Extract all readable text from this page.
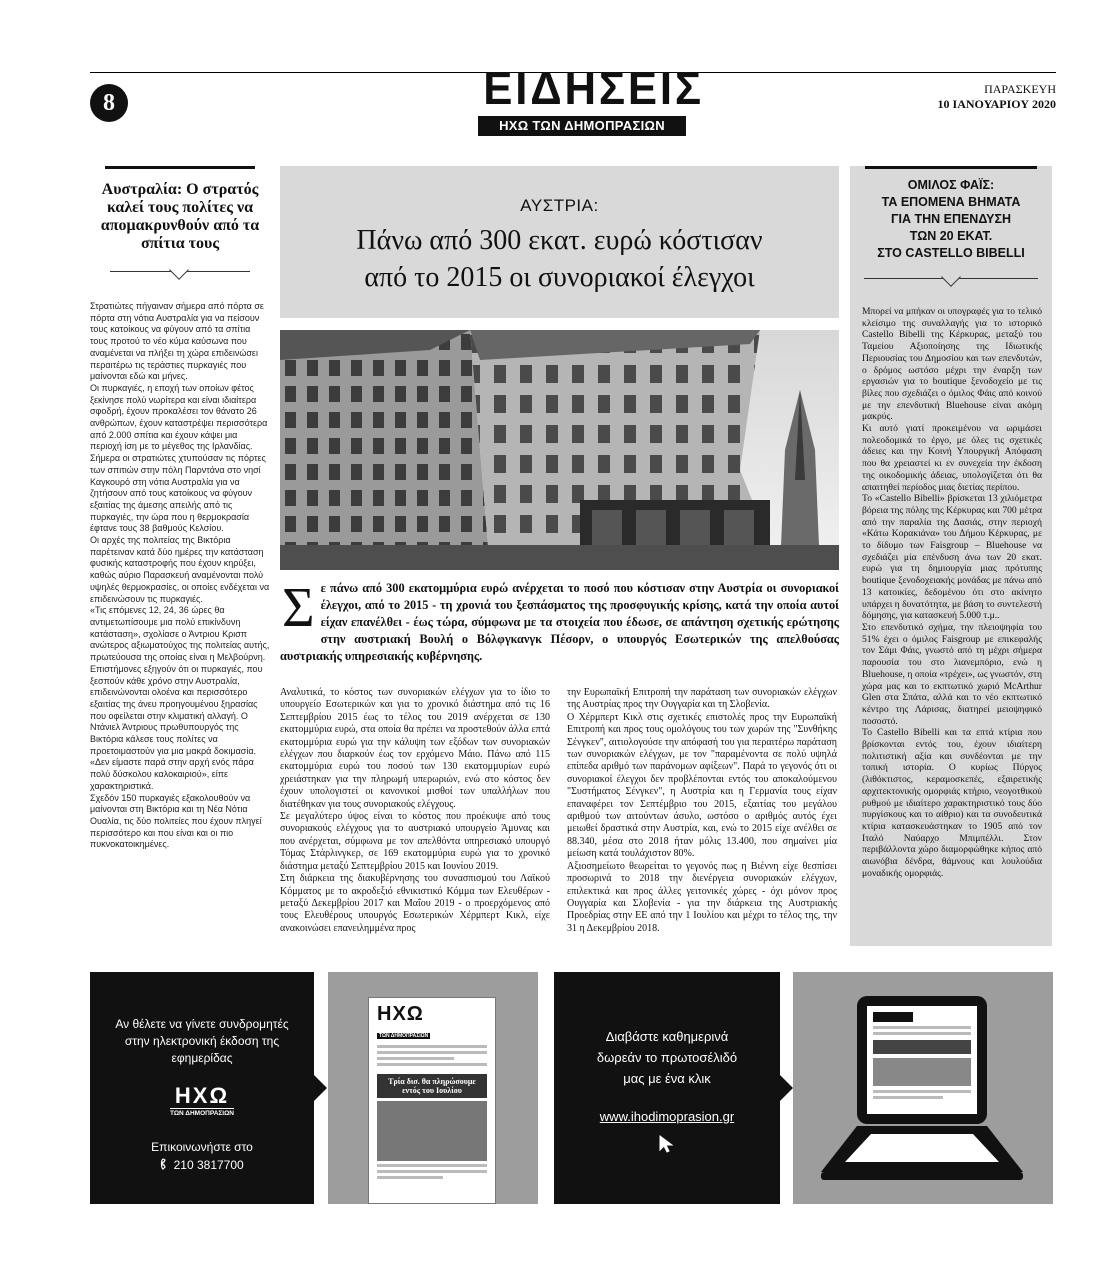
8	ΕΙΔΗΣΕΙΣ
ΗΧΩ ΤΩΝ ΔΗΜΟΠΡΑΣΙΩΝ
ΠΑΡΑΣΚΕΥΗ
10 ΙΑΝΟΥΑΡΙΟΥ 2020
Αυστραλία: Ο στρατός καλεί τους πολίτες να απομακρυνθούν από τα σπίτια τους

Στρατιώτες πήγαιναν σήμερα από πόρτα σε πόρτα στη νότια Αυστραλία για να πείσουν τους κατοίκους να φύγουν από τα σπίτια τους προτού το νέο κύμα καύσωνα που αναμένεται να πλήξει τη χώρα επιδεινώσει περαιτέρω τις τεράστιες πυρκαγιές που μαίνονται εδώ και μήνες.

Οι πυρκαγιές, η εποχή των οποίων φέτος ξεκίνησε πολύ νωρίτερα και είναι ιδιαίτερα σφοδρή, έχουν προκαλέσει τον θάνατο 26 ανθρώπων, έχουν καταστρέψει περισσότερα από 2.000 σπίτια και έχουν κάψει μια περιοχή ίση με το μέγεθος της Ιρλανδίας.

Σήμερα οι στρατιώτες χτυπούσαν τις πόρτες των σπιτιών στην πόλη Παρντάνα στο νησί Καγκουρό στη νότια Αυστραλία για να ζητήσουν από τους κατοίκους να φύγουν εξαιτίας της άμεσης απειλής από τις πυρκαγιές, την ώρα που η θερμοκρασία έφτανε τους 38 βαθμούς Κελσίου.

Οι αρχές της πολιτείας της Βικτόρια παρέτειναν κατά δύο ημέρες την κατάσταση φυσικής καταστροφής που έχουν κηρύξει, καθώς αύριο Παρασκευή αναμένονται πολύ υψηλές θερμοκρασίες, οι οποίες ενδέχεται να επιδεινώσουν τις πυρκαγιές.

«Τις επόμενες 12, 24, 36 ώρες θα αντιμετωπίσουμε μια πολύ επικίνδυνη κατάσταση», σχολίασε ο Άντριου Κρισπ ανώτερος αξιωματούχος της πολιτείας αυτής, πρωτεύουσα της οποίας είναι η Μελβούρνη.

Επιστήμονες εξηγούν ότι οι πυρκαγιές, που ξεσπούν κάθε χρόνο στην Αυστραλία, επιδεινώνονται ολοένα και περισσότερο εξαιτίας της άνευ προηγουμένου ξηρασίας που οφείλεται στην κλιματική αλλαγή. Ο Ντάνιελ Άντριους πρωθυπουργός της Βικτόρια κάλεσε τους πολίτες να προετοιμαστούν για μια μακρά δοκιμασία. «Δεν είμαστε παρά στην αρχή ενός πάρα πολύ δύσκολου καλοκαιριού», είπε χαρακτηριστικά.

Σχεδόν 150 πυρκαγιές εξακολουθούν να μαίνονται στη Βικτόρια και τη Νέα Νότια Ουαλία, τις δύο πολιτείες που έχουν πληγεί περισσότερο και που είναι και οι πιο πυκνοκατοικημένες.

ΑΥΣΤΡΙΑ:
Πάνω από 300 εκατ. ευρώ κόστισαν
από το 2015 οι συνοριακοί έλεγχοι
Σ ε πάνω από 300 εκατομμύρια ευρώ ανέρχεται το ποσό που κόστισαν στην Αυστρία οι συνοριακοί έλεγχοι, από το 2015 - τη χρονιά του ξεσπάσματος της προσφυγικής κρίσης, κατά την οποία αυτοί είχαν επανέλθει - έως τώρα, σύμφωνα με τα στοιχεία που έδωσε, σε απάντηση σχετικής ερώτησης στην αυστριακή Βουλή ο Βόλφγκανγκ Πέσορν, ο υπουργός Εσωτερικών της απελθούσας αυστριακής υπηρεσιακής κυβέρνησης.

Αναλυτικά, το κόστος των συνοριακών ελέγχων για το ίδιο το υπουργείο Εσωτερικών και για το χρονικό διάστημα από τις 16 Σεπτεμβρίου 2015 έως το τέλος του 2019 ανέρχεται σε 130 εκατομμύρια ευρώ, στα οποία θα πρέπει να προστεθούν άλλα επτά εκατομμύρια ευρώ για την κάλυψη των εξόδων των συνοριακών ελέγχων που διαρκούν έως τον ερχόμενο Μάιο. Πάνω από 115 εκατομμύρια ευρώ του ποσού των 130 εκατομμυρίων ευρώ χρειάστηκαν για την πληρωμή υπερωριών, ενώ στο κόστος δεν έχουν υπολογιστεί οι κανονικοί μισθοί των υπαλλήλων που διατέθηκαν για τους συνοριακούς ελέγχους.

Σε μεγαλύτερο ύψος είναι το κόστος που προέκυψε από τους συνοριακούς ελέγχους για το αυστριακό υπουργείο Άμυνας και που ανέρχεται, σύμφωνα με τον απελθόντα υπηρεσιακό υπουργό Τόμας Στάρλινγκερ, σε 169 εκατομμύρια ευρώ για το χρονικό διάστημα μεταξύ Σεπτεμβρίου 2015 και Ιουνίου 2019.

Στη διάρκεια της διακυβέρνησης του συνασπισμού του Λαϊκού Κόμματος με το ακροδεξιό εθνικιστικό Κόμμα των Ελευθέρων - μεταξύ Δεκεμβρίου 2017 και Μαΐου 2019 - ο προερχόμενος από τους Ελευθέρους υπουργός Εσωτερικών Χέρμπερτ Κικλ, είχε ανακοινώσει επανειλημμένα προς

την Ευρωπαϊκή Επιτροπή την παράταση των συνοριακών ελέγχων της Αυστρίας προς την Ουγγαρία και τη Σλοβενία.

Ο Χέρμπερτ Κικλ στις σχετικές επιστολές προς την Ευρωπαϊκή Επιτροπή και προς τους ομολόγους του των χωρών της "Συνθήκης Σένγκεν", αιτιολογούσε την απόφασή του για περαιτέρω παράταση των συνοριακών ελέγχων, με τον "παραμένοντα σε πολύ υψηλά επίπεδα αριθμό των παράνομων αφίξεων". Παρά το γεγονός ότι οι συνοριακοί έλεγχοι δεν προβλέπονται εντός του αποκαλούμενου "Συστήματος Σένγκεν", η Αυστρία και η Γερμανία τους είχαν επαναφέρει τον Σεπτέμβριο του 2015, εξαιτίας του μεγάλου αριθμού των αιτούντων άσυλο, ωστόσο ο αριθμός αυτός έχει μειωθεί δραστικά στην Αυστρία, και, ενώ το 2015 είχε ανέλθει σε 88.340, μέσα στο 2018 ήταν μόλις 13.400, που σημαίνει μία μείωση κατά τουλάχιστον 80%.

Αξιοσημείωτο θεωρείται το γεγονός πως η Βιέννη είχε θεσπίσει προσωρινά το 2018 την διενέργεια συνοριακών ελέγχων, επιλεκτικά και προς άλλες γειτονικές χώρες - όχι μόνον προς Ουγγαρία και Σλοβενία - για την διάρκεια της Αυστριακής Προεδρίας στην ΕΕ από την 1 Ιουλίου και μέχρι το τέλος της, την 31 η Δεκεμβρίου 2018.

ΟΜΙΛΟΣ ΦΑΪΣ:
ΤΑ ΕΠΟΜΕΝΑ ΒΗΜΑΤΑ
ΓΙΑ ΤΗΝ ΕΠΕΝΔΥΣΗ
ΤΩΝ 20 ΕΚΑΤ.
ΣΤΟ CASTELLO BIBELLI

Μπορεί να μπήκαν οι υπογραφές για το τελικό κλείσιμο της συναλλαγής για το ιστορικό Castello Bibelli της Κέρκυρας, μεταξύ του Ταμείου Αξιοποίησης της Ιδιωτικής Περιουσίας του Δημοσίου και των επενδυτών, ο δρόμος ωστόσο μέχρι την έναρξη των εργασιών για το boutique ξενοδοχείο με τις βίλες που σχεδιάζει ο όμιλος Φάις από κοινού με την επενδυτική Bluehouse είναι ακόμη μακρύς.

Κι αυτό γιατί προκειμένου να ωριμάσει πολεοδομικά το έργο, με όλες τις σχετικές άδειες και την Κοινή Υπουργική Απόφαση που θα χρειαστεί κι εν συνεχεία την έκδοση της οικοδομικής άδειας, υπολογίζεται ότι θα απαιτηθεί περίοδος μιας διετίας περίπου.

Το «Castello Bibelli» βρίσκεται 13 χιλιόμετρα βόρεια της πόλης της Κέρκυρας και 700 μέτρα από την παραλία της Δασιάς, στην περιοχή «Κάτω Κορακιάνα» του Δήμου Κέρκυρας, με το δίδυμο των Faisgroup – Bluehouse να σχεδιάζει μία επένδυση άνω των 20 εκατ. ευρώ για τη δημιουργία μιας πρότυπης boutique ξενοδοχειακής μονάδας με πάνω από 13 κατοικίες, δεδομένου ότι στο ακίνητο υπάρχει η δυνατότητα, με βάση το συντελεστή δόμησης, για κατασκευή 5.000 τ.μ..

Στο επενδυτικό σχήμα, την πλειοψηφία του 51% έχει ο όμιλος Faisgroup με επικεφαλής τον Σάμι Φάις, γνωστό από τη μέχρι σήμερα παρουσία του στο λιανεμπόριο, ενώ η Bluehouse, η οποία «τρέχει», ως γνωστόν, στη χώρα μας και το εκπτωτικό χωριό McArthur Glen στα Σπάτα, αλλά και το νέο εκπτωτικό κέντρο της Λάρισας, διατηρεί μειοψηφικό ποσοστό.

Το Castello Bibelli και τα επτά κτίρια που βρίσκονται εντός του, έχουν ιδιαίτερη πολιτιστική αξία και συνδέονται με την τοπική ιστορία. Ο κυρίως Πύργος (λιθόκτιστος, κεραμοσκεπές, εξαιρετικής αρχιτεκτονικής ομορφιάς κτήριο, νεογοτθικού ρυθμού με ιδιαίτερο χαρακτηριστικό τους δύο πυργίσκους και το αίθριο) και τα συνοδευτικά κτίρια κατασκευάστηκαν το 1905 από τον Ιταλό Ναύαρχο Μπιμπέλλι. Στον περιβάλλοντα χώρο διαμορφώθηκε κήπος από αιωνόβια δένδρα, θάμνους και λουλούδια μοναδικής ομορφιάς.

Αν θέλετε να γίνετε συνδρομητές στην ηλεκτρονική έκδοση της εφημερίδας
ΗΧΩ
ΤΩΝ ΔΗΜΟΠΡΑΣΙΩΝ
Επικοινωνήστε στο
210 3817700
ΗΧΩ
ΤΩΝ ΔΗΜΟΠΡΑΣΙΩΝ
Τρία δισ. θα πληρώσουμε εντός του Ιουλίου
Διαβάστε καθημερινά δωρεάν το πρωτοσέλιδό μας με ένα κλικ
www.ihodimoprasion.gr
